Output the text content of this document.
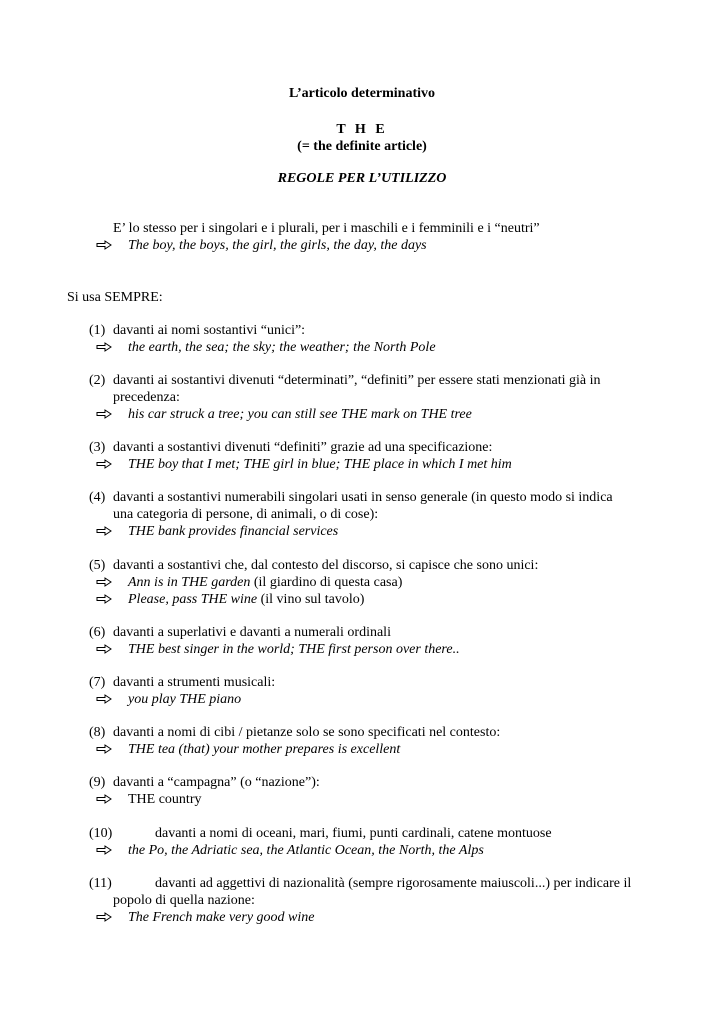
L’articolo determinativo
T H E
(= the definite article)
REGOLE PER L’UTILIZZO
E’ lo stesso per i singolari e i plurali, per i maschili e i femminili e i “neutri”
The boy, the boys, the girl, the girls, the day, the days
Si usa SEMPRE:
(1) davanti ai nomi sostantivi “unici”:
the earth, the sea; the sky; the weather; the North Pole
(2) davanti ai sostantivi divenuti “determinati”, “definiti” per essere stati menzionati già in
precedenza:
his car struck a tree; you can still see THE mark on THE tree
(3) davanti a sostantivi divenuti “definiti” grazie ad una specificazione:
THE boy that I met; THE girl in blue; THE place in which I met him
(4) davanti a sostantivi numerabili singolari usati in senso generale (in questo modo si indica
una categoria di persone, di animali, o di cose):
THE bank provides financial services
(5) davanti a sostantivi che, dal contesto del discorso, si capisce che sono unici:
Ann is in THE garden (il giardino di questa casa)
Please, pass THE wine (il vino sul tavolo)
(6) davanti a superlativi e davanti a numerali ordinali
THE best singer in the world; THE first person over there..
(7) davanti a strumenti musicali:
you play THE piano
(8) davanti a nomi di cibi / pietanze solo se sono specificati nel contesto:
THE tea (that) your mother prepares is excellent
(9) davanti a “campagna” (o “nazione”):
THE country
(10)	davanti a nomi di oceani, mari, fiumi, punti cardinali, catene montuose
the Po, the Adriatic sea, the Atlantic Ocean, the North, the Alps
(11)	davanti ad aggettivi di nazionalità (sempre rigorosamente maiuscoli...) per indicare il
popolo di quella nazione:
The French make very good wine
